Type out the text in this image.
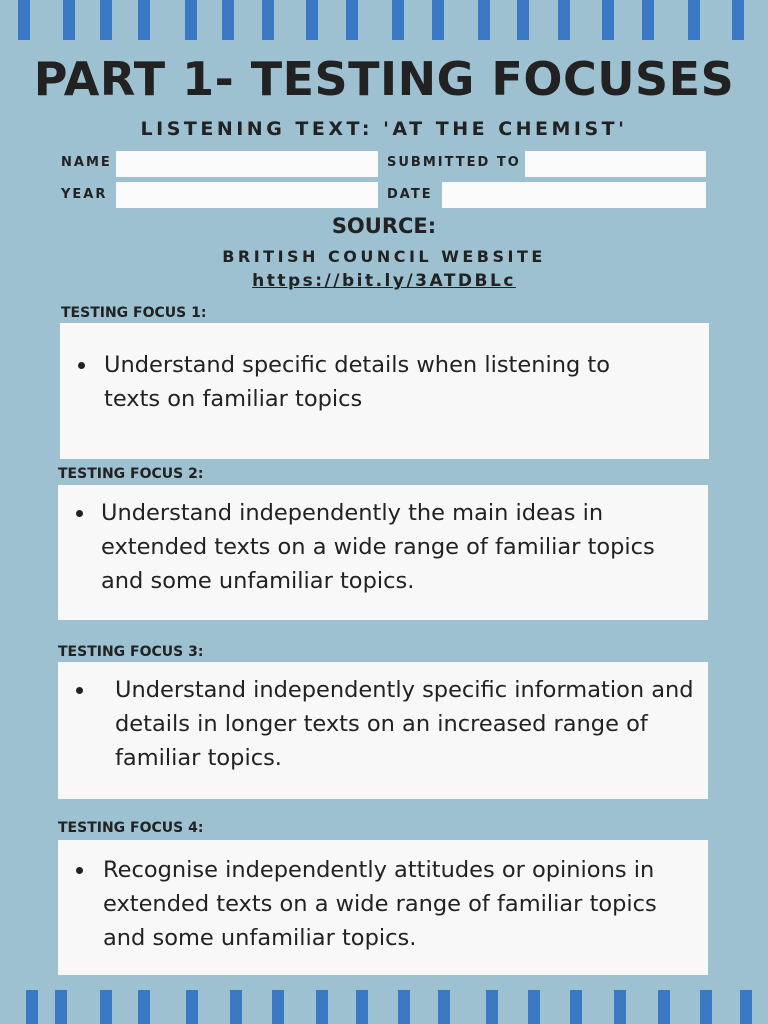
PART 1- TESTING FOCUSES
LISTENING TEXT: 'AT THE CHEMIST'
NAME	SUBMITTED TO
YEAR	DATE
SOURCE:
BRITISH COUNCIL WEBSITE
https://bit.ly/3ATDBLc
TESTING FOCUS 1:
Understand specific details when listening to texts on familiar topics
TESTING FOCUS 2:
Understand independently the main ideas in extended texts on a wide range of familiar topics and some unfamiliar topics.
TESTING FOCUS 3:
Understand independently specific information and details in longer texts on an increased range of familiar topics.
TESTING FOCUS 4:
Recognise independently attitudes or opinions in extended texts on a wide range of familiar topics and some unfamiliar topics.
